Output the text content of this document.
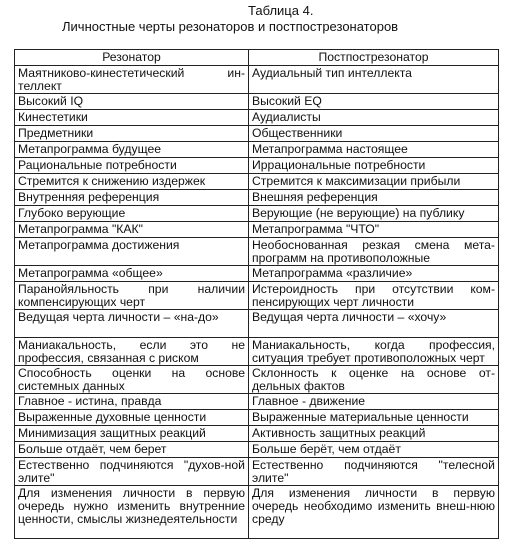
Таблица 4.
Личностные черты резонаторов и постпострезонаторов
Резонатор	Постпострезонатор
Маятниково-кинестетический ин-теллект	Аудиальный тип интеллекта
Высокий IQ	Высокий EQ
Кинестетики	Аудиалисты
Предметники	Общественники
Метапрограмма будущее	Метапрограмма настоящее
Рациональные потребности	Иррациональные потребности
Стремится к снижению издержек	Стремится к максимизации прибыли
Внутренняя референция	Внешняя референция
Глубоко верующие	Верующие (не верующие) на публику
Метапрограмма "КАК"	Метапрограмма "ЧТО"
Метапрограмма достижения	Необоснованная резкая смена мета-программ на противоположные
Метапрограмма «общее»	Метапрограмма «различие»
Паранойяльность при наличии компенсирующих черт	Истероидность при отсутствии ком-пенсирующих черт личности
Ведущая черта личности – «на-до»	Ведущая черта личности – «хочу»
Маниакальность, если это не профессия, связанная с риском	Маниакальность, когда профессия, ситуация требует противоположных черт
Способность оценки на основе системных данных	Склонность к оценке на основе от-дельных фактов
Главное - истина, правда	Главное - движение
Выраженные духовные ценности	Выраженные материальные ценности
Минимизация защитных реакций	Активность защитных реакций
Больше отдаёт, чем берет	Больше берёт, чем отдаёт
Естественно подчиняются "духов-ной элите"	Естественно подчиняются "телесной элите"
Для изменения личности в первую очередь нужно изменить внутренние ценности, смыслы жизнедеятельности	Для изменения личности в первую очередь необходимо изменить внеш-нюю среду
